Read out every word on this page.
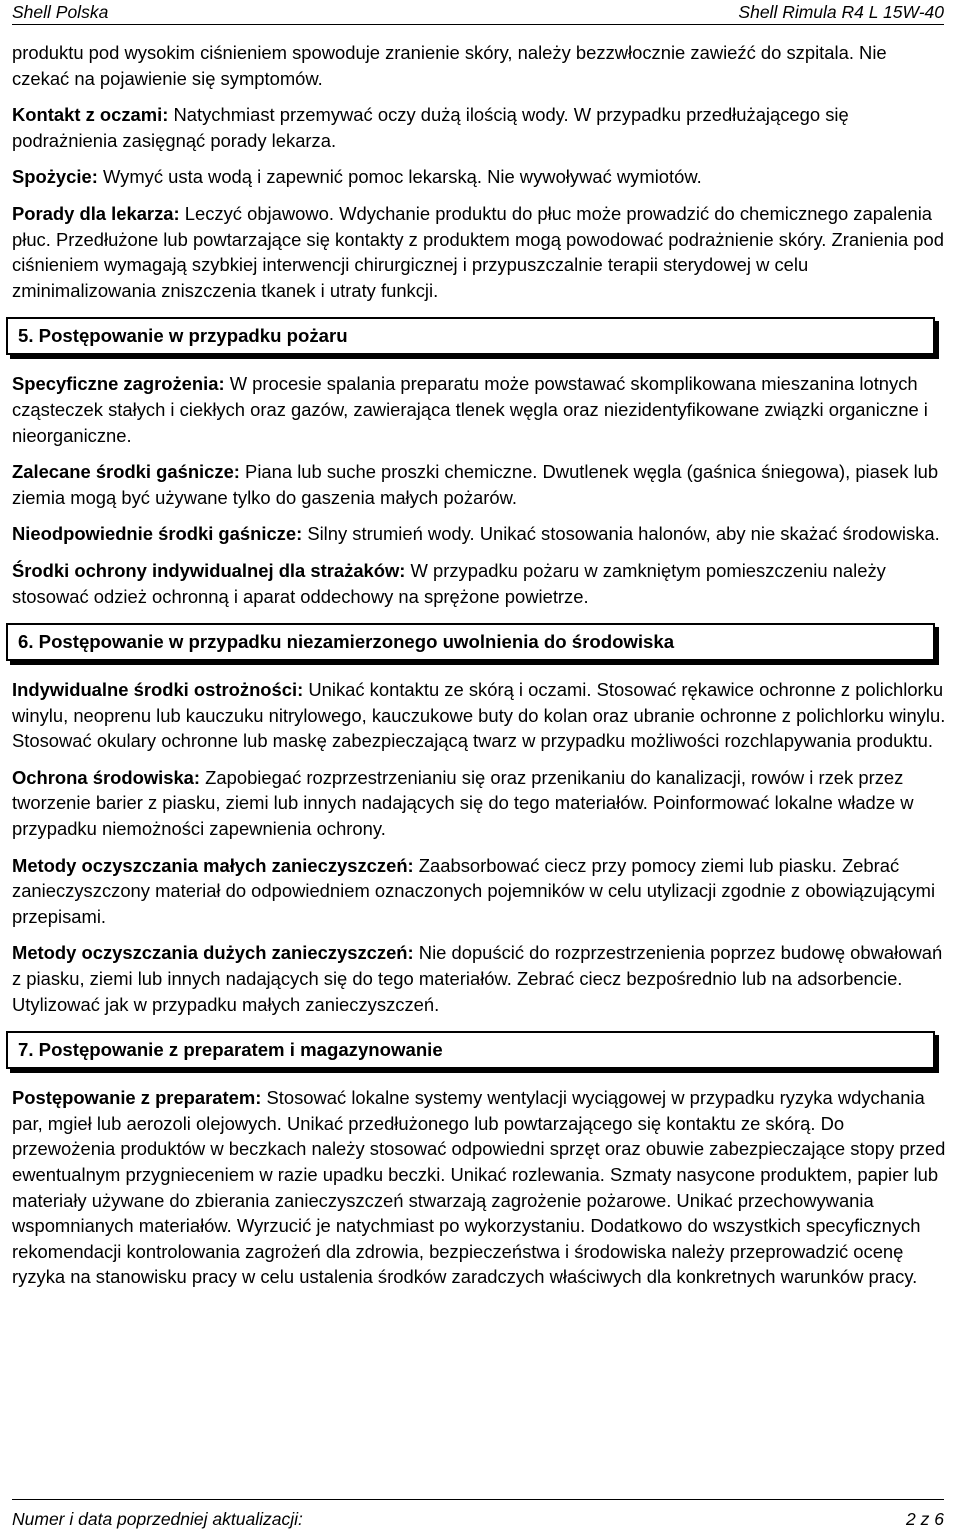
Shell Polska	Shell Rimula R4 L 15W-40

produktu pod wysokim ciśnieniem spowoduje zranienie skóry, należy bezzwłocznie zawieźć do szpitala. Nie czekać na pojawienie się symptomów.

Kontakt z oczami: Natychmiast przemywać oczy dużą ilością wody. W przypadku przedłużającego się podrażnienia zasięgnąć porady lekarza.

Spożycie: Wymyć usta wodą i zapewnić pomoc lekarską. Nie wywoływać wymiotów.

Porady dla lekarza: Leczyć objawowo. Wdychanie produktu do płuc może prowadzić do chemicznego zapalenia płuc. Przedłużone lub powtarzające się kontakty z produktem mogą powodować podrażnienie skóry. Zranienia pod ciśnieniem wymagają szybkiej interwencji chirurgicznej i przypuszczalnie terapii sterydowej w celu zminimalizowania zniszczenia tkanek i utraty funkcji.

5. Postępowanie w przypadku pożaru

Specyficzne zagrożenia: W procesie spalania preparatu może powstawać skomplikowana mieszanina lotnych cząsteczek stałych i ciekłych oraz gazów, zawierająca tlenek węgla oraz niezidentyfikowane związki organiczne i nieorganiczne.

Zalecane środki gaśnicze: Piana lub suche proszki chemiczne. Dwutlenek węgla (gaśnica śniegowa), piasek lub ziemia mogą być używane tylko do gaszenia małych pożarów.

Nieodpowiednie środki gaśnicze: Silny strumień wody. Unikać stosowania halonów, aby nie skażać środowiska.

Środki ochrony indywidualnej dla strażaków: W przypadku pożaru w zamkniętym pomieszczeniu należy stosować odzież ochronną i aparat oddechowy na sprężone powietrze.

6. Postępowanie w przypadku niezamierzonego uwolnienia do środowiska

Indywidualne środki ostrożności: Unikać kontaktu ze skórą i oczami. Stosować rękawice ochronne z polichlorku winylu, neoprenu lub kauczuku nitrylowego, kauczukowe buty do kolan oraz ubranie ochronne z polichlorku winylu. Stosować okulary ochronne lub maskę zabezpieczającą twarz w przypadku możliwości rozchlapywania produktu.

Ochrona środowiska: Zapobiegać rozprzestrzenianiu się oraz przenikaniu do kanalizacji, rowów i rzek przez tworzenie barier z piasku, ziemi lub innych nadających się do tego materiałów. Poinformować lokalne władze w przypadku niemożności zapewnienia ochrony.

Metody oczyszczania małych zanieczyszczeń: Zaabsorbować ciecz przy pomocy ziemi lub piasku. Zebrać zanieczyszczony materiał do odpowiedniem oznaczonych pojemników w celu utylizacji zgodnie z obowiązującymi przepisami.

Metody oczyszczania dużych zanieczyszczeń: Nie dopuścić do rozprzestrzenienia poprzez budowę obwałowań z piasku, ziemi lub innych nadających się do tego materiałów. Zebrać ciecz bezpośrednio lub na adsorbencie. Utylizować jak w przypadku małych zanieczyszczeń.

7. Postępowanie z preparatem i magazynowanie

Postępowanie z preparatem: Stosować lokalne systemy wentylacji wyciągowej w przypadku ryzyka wdychania par, mgieł lub aerozoli olejowych. Unikać przedłużonego lub powtarzającego się kontaktu ze skórą. Do przewożenia produktów w beczkach należy stosować odpowiedni sprzęt oraz obuwie zabezpieczające stopy przed ewentualnym przygnieceniem w razie upadku beczki. Unikać rozlewania. Szmaty nasycone produktem, papier lub materiały używane do zbierania zanieczyszczeń stwarzają zagrożenie pożarowe. Unikać przechowywania wspomnianych materiałów. Wyrzucić je natychmiast po wykorzystaniu. Dodatkowo do wszystkich specyficznych rekomendacji kontrolowania zagrożeń dla zdrowia, bezpieczeństwa i środowiska należy przeprowadzić ocenę ryzyka na stanowisku pracy w celu ustalenia środków zaradczych właściwych dla konkretnych warunków pracy.

Numer i data poprzedniej aktualizacji:	2 z 6
